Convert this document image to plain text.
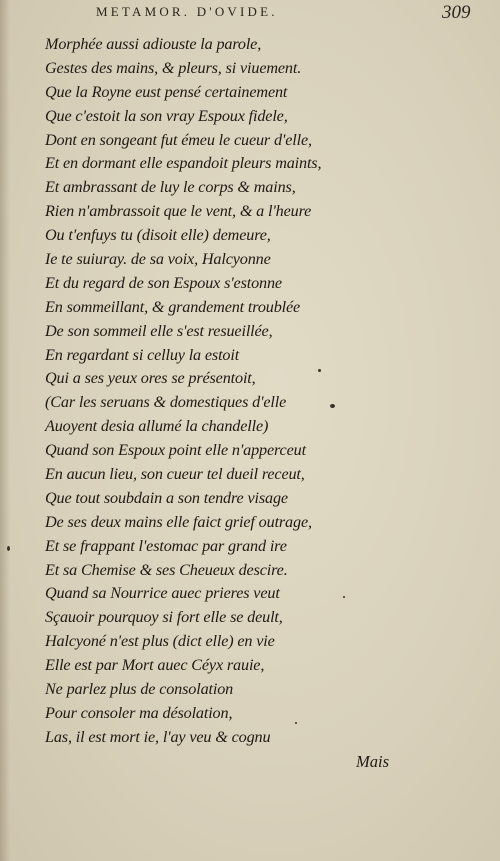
METAMOR. D'OVIDE.	309
Morphée aussi adiouste la parole,
Gestes des mains, & pleurs, si viuement.
Que la Royne eust pensé certainement
Que c'estoit la son vray Espoux fidele,
Dont en songeant fut émeu le cueur d'elle,
Et en dormant elle espandoit pleurs maints,
Et ambrassant de luy le corps & mains,
Rien n'ambrassoit que le vent, & a l'heure
Ou t'enfuys tu (disoit elle) demeure,
Ie te suiuray. de sa voix, Halcyonne
Et du regard de son Espoux s'estonne
En sommeillant, & grandement troublée
De son sommeil elle s'est resueillée,
En regardant si celluy la estoit
Qui a ses yeux ores se présentoit,
(Car les seruans & domestiques d'elle
Auoyent desia allumé la chandelle)
Quand son Espoux point elle n'apperceut
En aucun lieu, son cueur tel dueil receut,
Que tout soubdain a son tendre visage
De ses deux mains elle faict grief outrage,
Et se frappant l'estomac par grand ire
Et sa Chemise & ses Cheueux descire.
Quand sa Nourrice auec prieres veut
Sçauoir pourquoy si fort elle se deult,
Halcyoné n'est plus (dict elle) en vie
Elle est par Mort auec Céyx rauie,
Ne parlez plus de consolation
Pour consoler ma désolation,
Las, il est mort ie, l'ay veu & cognu
Mais
